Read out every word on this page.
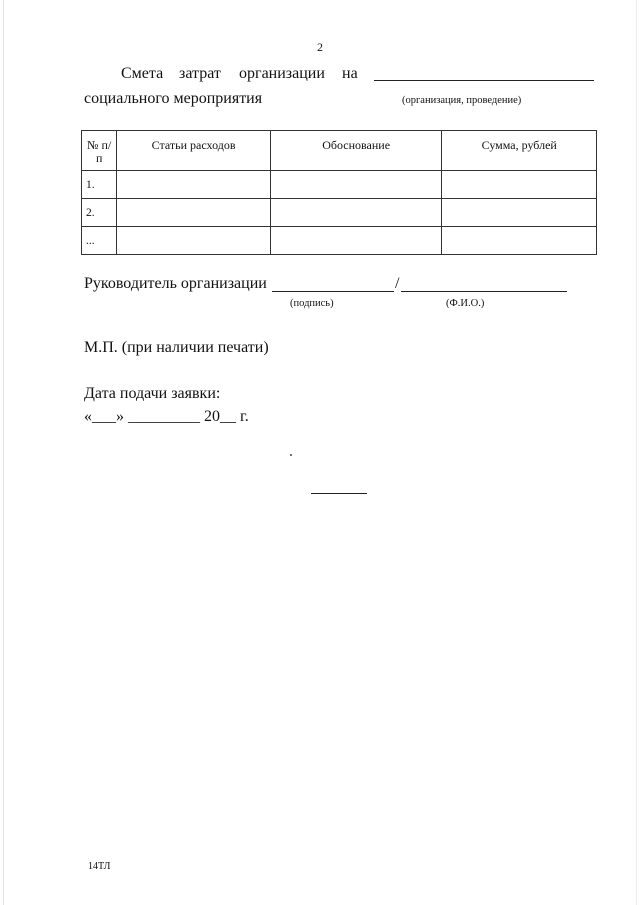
2
Смета затрат организации на
социального мероприятия	(организация, проведение)
№ п/п	Статьи расходов	Обоснование	Сумма, рублей
1.			
2.			
...			
Руководитель организации	/
(подпись)	(Ф.И.О.)
М.П. (при наличии печати)
Дата подачи заявки:
«___» _________ 20__ г.
14ТЛ
